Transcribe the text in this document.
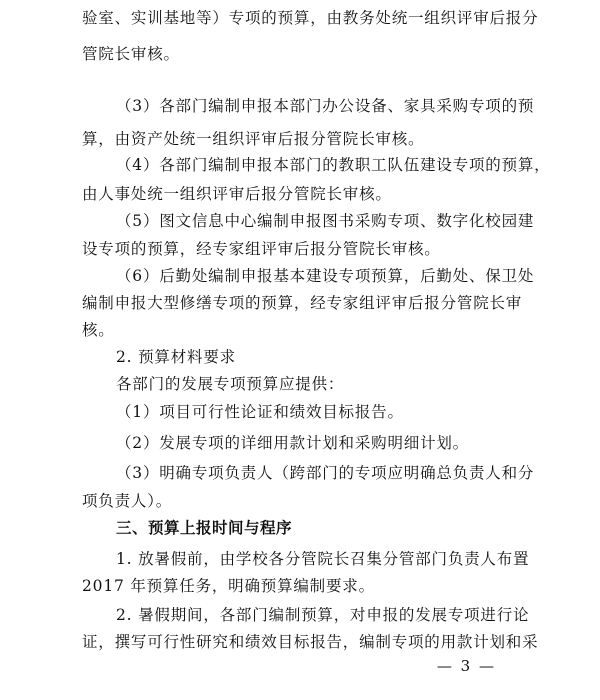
验室、实训基地等）专项的预算，由教务处统一组织评审后报分
管院长审核。
（3）各部门编制申报本部门办公设备、家具采购专项的预
算，由资产处统一组织评审后报分管院长审核。
（4）各部门编制申报本部门的教职工队伍建设专项的预算，
由人事处统一组织评审后报分管院长审核。
（5）图文信息中心编制申报图书采购专项、数字化校园建
设专项的预算，经专家组评审后报分管院长审核。
（6）后勤处编制申报基本建设专项预算，后勤处、保卫处
编制申报大型修缮专项的预算，经专家组评审后报分管院长审
核。
2. 预算材料要求
各部门的发展专项预算应提供：
（1）项目可行性论证和绩效目标报告。
（2）发展专项的详细用款计划和采购明细计划。
（3）明确专项负责人（跨部门的专项应明确总负责人和分
项负责人）。
三、预算上报时间与程序
1. 放暑假前，由学校各分管院长召集分管部门负责人布置
2017 年预算任务，明确预算编制要求。
2. 暑假期间，各部门编制预算，对申报的发展专项进行论
证，撰写可行性研究和绩效目标报告，编制专项的用款计划和采
— 3 —
